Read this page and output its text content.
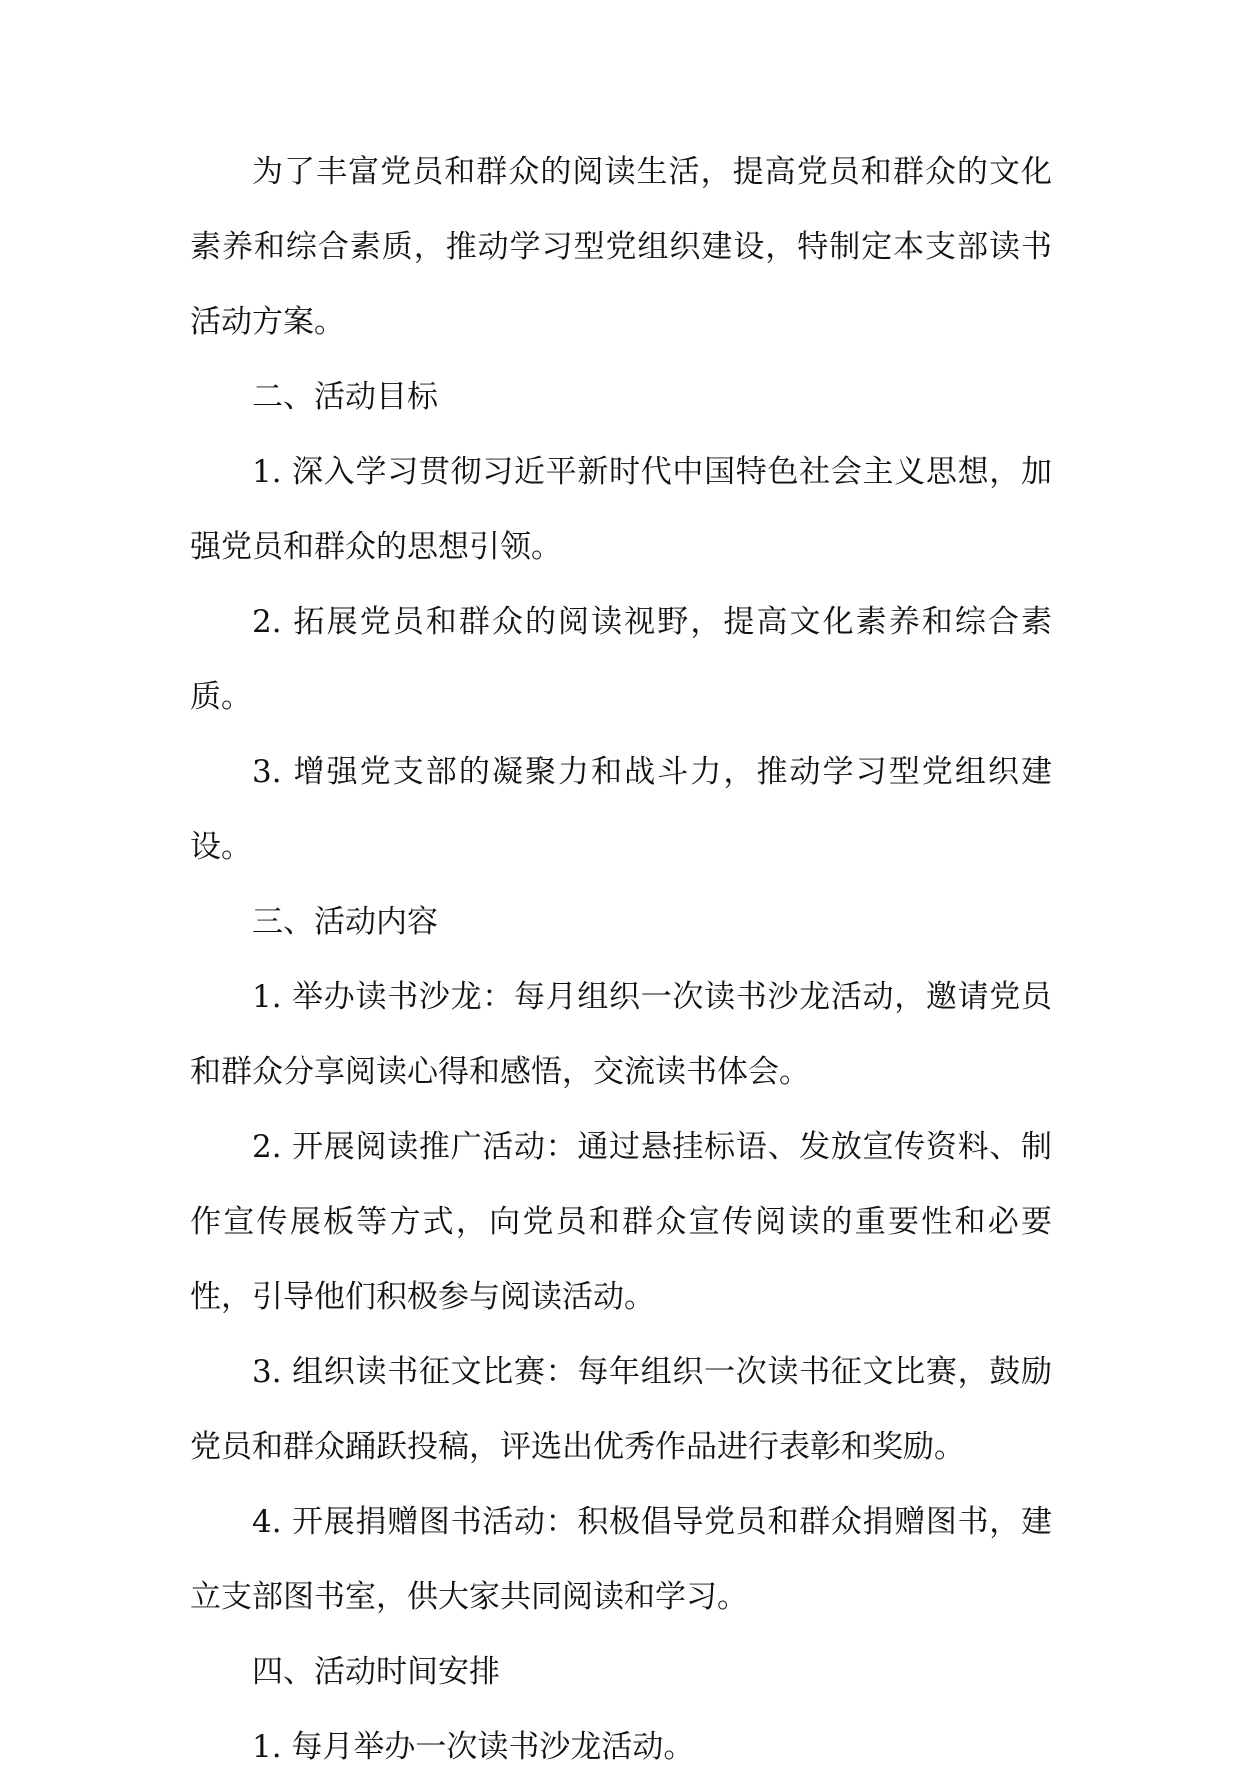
为了丰富党员和群众的阅读生活，提高党员和群众的文化素养和综合素质，推动学习型党组织建设，特制定本支部读书活动方案。

二、活动目标

1. 深入学习贯彻习近平新时代中国特色社会主义思想，加强党员和群众的思想引领。

2. 拓展党员和群众的阅读视野，提高文化素养和综合素质。

3. 增强党支部的凝聚力和战斗力，推动学习型党组织建设。

三、活动内容

1. 举办读书沙龙：每月组织一次读书沙龙活动，邀请党员和群众分享阅读心得和感悟，交流读书体会。

2. 开展阅读推广活动：通过悬挂标语、发放宣传资料、制作宣传展板等方式，向党员和群众宣传阅读的重要性和必要性，引导他们积极参与阅读活动。

3. 组织读书征文比赛：每年组织一次读书征文比赛，鼓励党员和群众踊跃投稿，评选出优秀作品进行表彰和奖励。

4. 开展捐赠图书活动：积极倡导党员和群众捐赠图书，建立支部图书室，供大家共同阅读和学习。

四、活动时间安排

1. 每月举办一次读书沙龙活动。
